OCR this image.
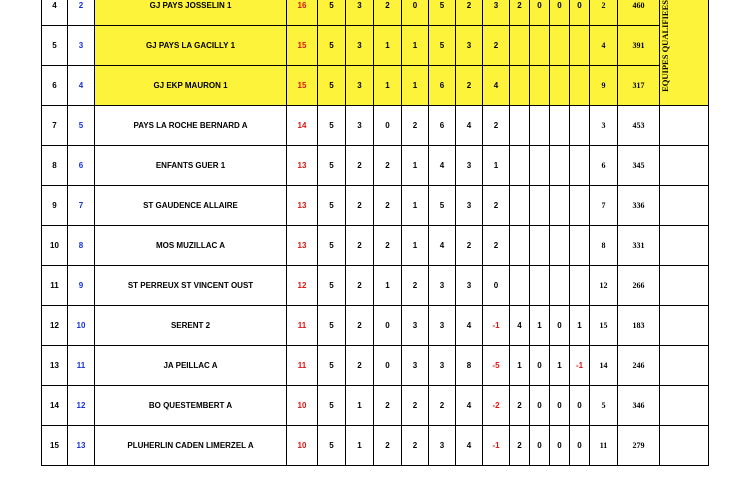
4	2	GJ PAYS JOSSELIN 1	16	5	3	2	0	5	2	3	2	0	0	0	2	460	EQUIPES QUALIFIEES

5	3	GJ PAYS LA GACILLY 1	15	5	3	1	1	5	3	2					4	391	
6	4	GJ EKP MAURON 1	15	5	3	1	1	6	2	4					9	317	
7	5	PAYS LA ROCHE BERNARD A	14	5	3	0	2	6	4	2					3	453	
8	6	ENFANTS GUER 1	13	5	2	2	1	4	3	1					6	345	
9	7	ST GAUDENCE ALLAIRE	13	5	2	2	1	5	3	2					7	336	
10	8	MOS MUZILLAC A	13	5	2	2	1	4	2	2					8	331	
11	9	ST PERREUX ST VINCENT OUST	12	5	2	1	2	3	3	0					12	266	
12	10	SERENT 2	11	5	2	0	3	3	4	-1	4	1	0	1	15	183	
13	11	JA PEILLAC A	11	5	2	0	3	3	8	-5	1	0	1	-1	14	246	
14	12	BO QUESTEMBERT A	10	5	1	2	2	2	4	-2	2	0	0	0	5	346	
15	13	PLUHERLIN CADEN LIMERZEL A	10	5	1	2	2	3	4	-1	2	0	0	0	11	279	
